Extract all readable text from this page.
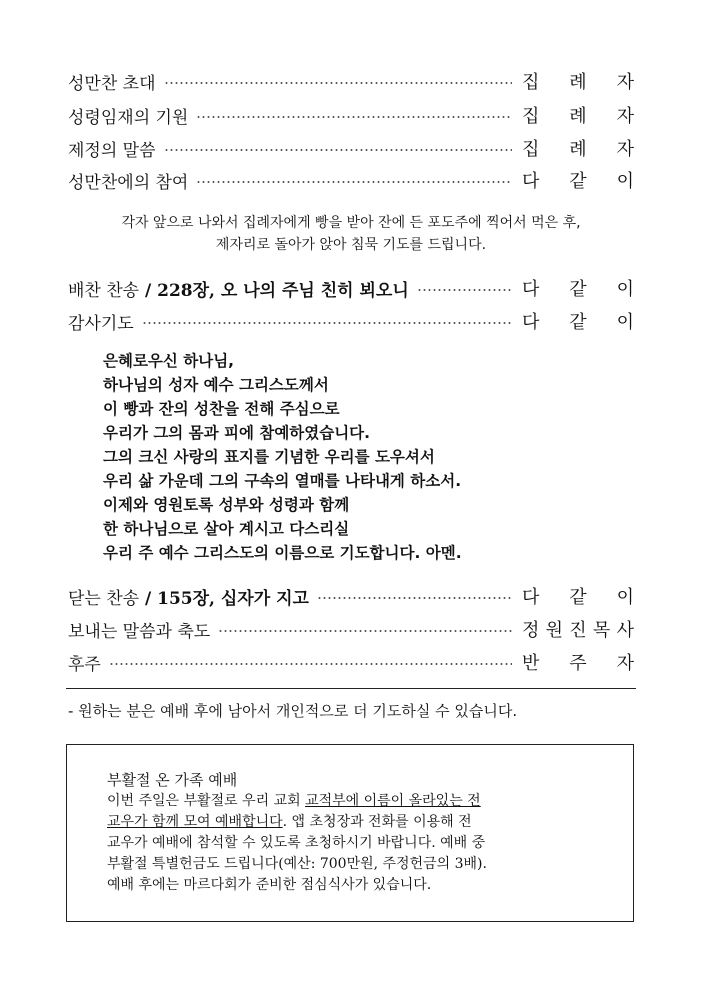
성만찬 초대	집 례 자
성령임재의 기원	집 례 자
제정의 말씀	집 례 자
성만찬에의 참여	다 같 이
각자 앞으로 나와서 집례자에게 빵을 받아 잔에 든 포도주에 찍어서 먹은 후,
제자리로 돌아가 앉아 침묵 기도를 드립니다.
배찬 찬송 / 228장, 오 나의 주님 친히 뵈오니	다 같 이
감사기도	다 같 이
은혜로우신 하나님,
하나님의 성자 예수 그리스도께서
이 빵과 잔의 성찬을 전해 주심으로
우리가 그의 몸과 피에 참예하였습니다.
그의 크신 사랑의 표지를 기념한 우리를 도우셔서
우리 삶 가운데 그의 구속의 열매를 나타내게 하소서.
이제와 영원토록 성부와 성령과 함께
한 하나님으로 살아 계시고 다스리실
우리 주 예수 그리스도의 이름으로 기도합니다. 아멘.
닫는 찬송 / 155장, 십자가 지고	다 같 이
보내는 말씀과 축도	정 원 진 목 사
후주	반 주 자
- 원하는 분은 예배 후에 남아서 개인적으로 더 기도하실 수 있습니다.
부활절 온 가족 예배
이번 주일은 부활절로 우리 교회 교적부에 이름이 올라있는 전
교우가 함께 모여 예배합니다. 앱 초청장과 전화를 이용해 전
교우가 예배에 참석할 수 있도록 초청하시기 바랍니다. 예배 중
부활절 특별헌금도 드립니다(예산: 700만원, 주정헌금의 3배).
예배 후에는 마르다회가 준비한 점심식사가 있습니다.
